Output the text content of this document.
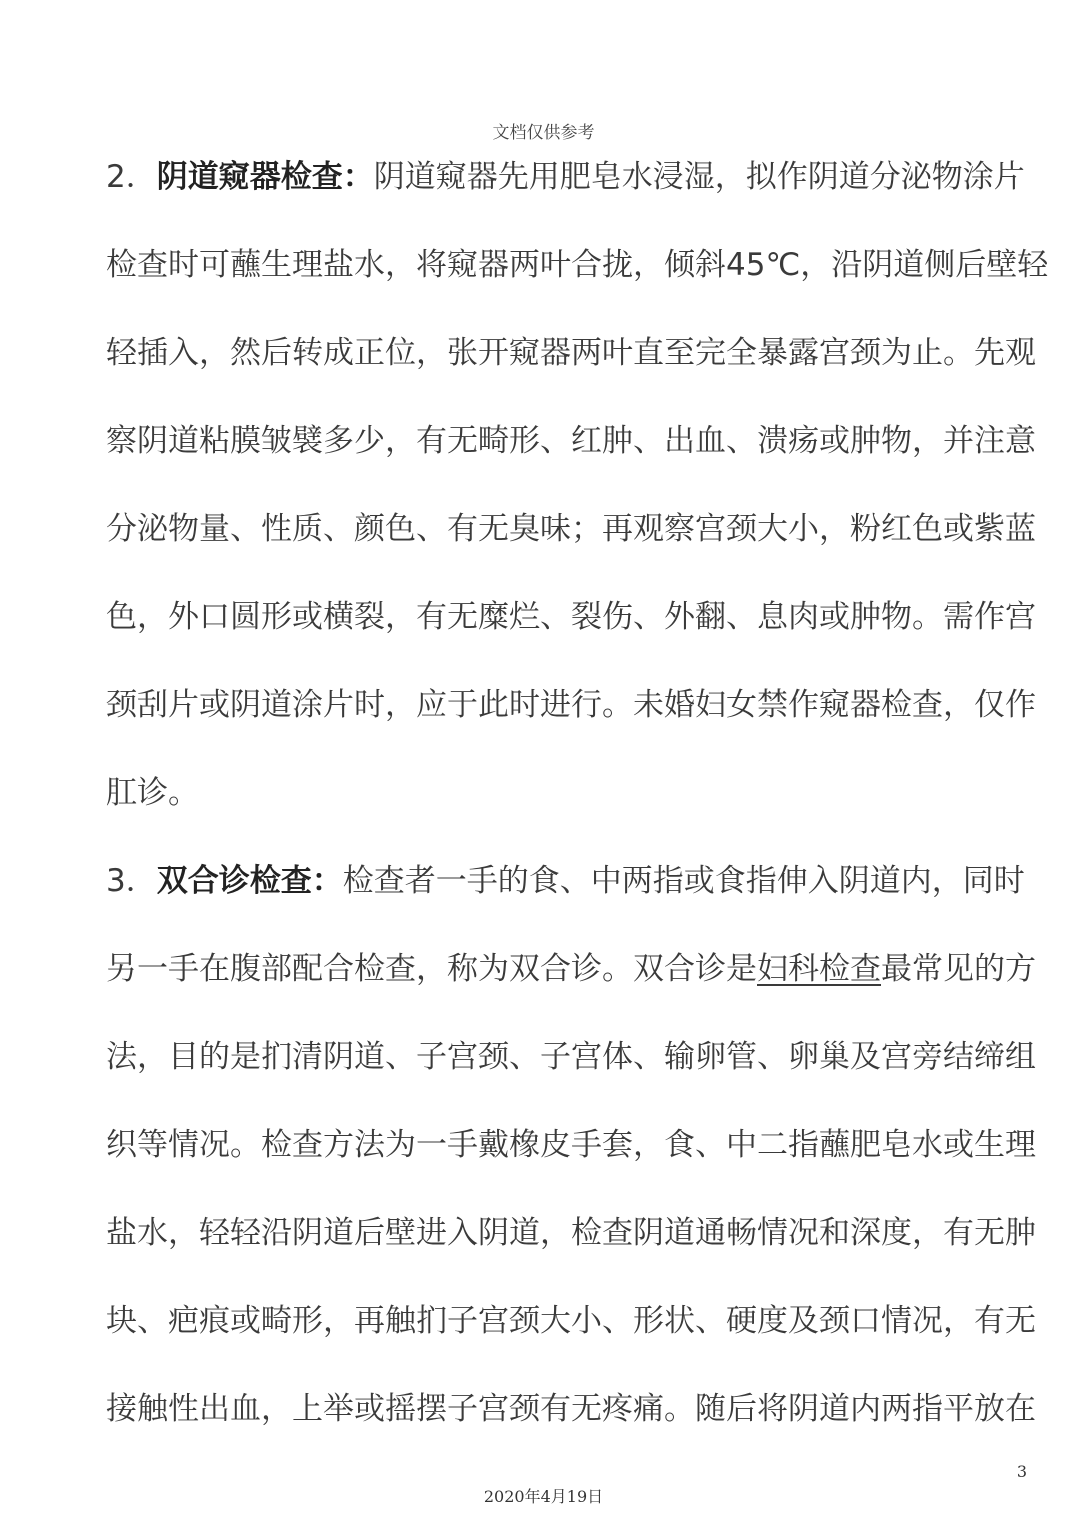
文档仅供参考
2．阴道窥器检查：阴道窥器先用肥皂水浸湿，拟作阴道分泌物涂片
检查时可蘸生理盐水，将窥器两叶合拢，倾斜45℃，沿阴道侧后壁轻
轻插入，然后转成正位，张开窥器两叶直至完全暴露宫颈为止。先观
察阴道粘膜皱襞多少，有无畸形、红肿、出血、溃疡或肿物，并注意
分泌物量、性质、颜色、有无臭味；再观察宫颈大小，粉红色或紫蓝
色，外口圆形或横裂，有无糜烂、裂伤、外翻、息肉或肿物。需作宫
颈刮片或阴道涂片时，应于此时进行。未婚妇女禁作窥器检查，仅作
肛诊。
3．双合诊检查：检查者一手的食、中两指或食指伸入阴道内，同时
另一手在腹部配合检查，称为双合诊。双合诊是妇科检查最常见的方
法，目的是扪清阴道、子宫颈、子宫体、输卵管、卵巢及宫旁结缔组
织等情况。检查方法为一手戴橡皮手套，食、中二指蘸肥皂水或生理
盐水，轻轻沿阴道后壁进入阴道，检查阴道通畅情况和深度，有无肿
块、疤痕或畸形，再触扪子宫颈大小、形状、硬度及颈口情况，有无
接触性出血，上举或摇摆子宫颈有无疼痛。随后将阴道内两指平放在
3
2020年4月19日
